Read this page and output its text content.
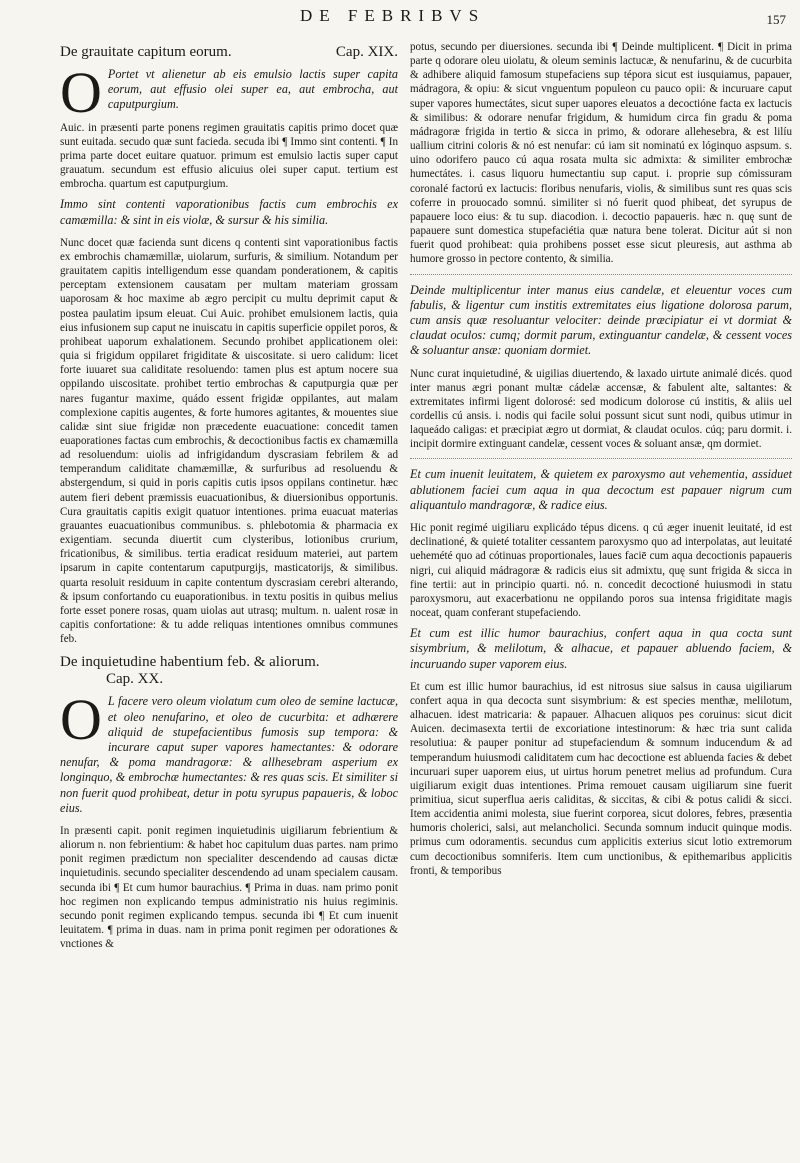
DE FEBRIBVS	157
De grauitate capitum eorum.	Cap. XIX.

O Portet vt alienetur ab eis emulsio lactis super capita eorum, aut effusio olei super ea, aut embrocha, aut caputpurgium.

Auic. in præsenti parte ponens regimen grauitatis capitis primo docet quæ sunt euitada. secudo quæ sunt facieda. secuda ibi ¶ Immo sint contenti. ¶ In prima parte docet euitare quatuor. primum est emulsio lactis super caput grauatum. secundum est effusio alicuius olei super caput. tertium est embrocha. quartum est caputpurgium.

Immo sint contenti vaporationibus factis cum embrochis ex camæmilla: & sint in eis violæ, & sursur & his similia.

Nunc docet quæ facienda sunt dicens q contenti sint vaporationibus factis ex embrochis chamæmillæ, uiolarum, surfuris, & similium. Notandum per grauitatem capitis intelligendum esse quandam ponderationem, & capitis perceptam extensionem causatam per multam materiam grossam uaporosam & hoc maxime ab ægro percipit cu multu deprimit caput & postea paulatim ipsum eleuat. Cui Auic. prohibet emulsionem lactis, quia eius infusionem sup caput ne inuiscatu in capitis superficie oppilet poros, & prohibeat uaporum exhalationem. Secundo prohibet applicationem olei: quia si frigidum oppilaret frigiditate & uiscositate. si uero calidum: licet forte iuuaret sua caliditate resoluendo: tamen plus est aptum nocere sua oppilando uiscositate. prohibet tertio embrochas & caputpurgia quæ per nares fugantur maxime, quádo essent frigidæ oppilantes, aut malam complexione capitis augentes, & forte humores agitantes, & mouentes siue calidæ sint siue frigidæ non præcedente euacuatione: concedit tamen euaporationes factas cum embrochis, & decoctionibus factis ex chamæmilla ad resoluendum: uiolis ad infrigidandum dyscrasiam febrilem & ad temperandum caliditate chamæmillæ, & surfuribus ad resoluendu & abstergendum, si quid in poris capitis cutis ipsos oppilans continetur. hæc autem fieri debent præmissis euacuationibus, & diuersionibus opportunis. Cura grauitatis capitis exigit quatuor intentiones. prima euacuat materias grauantes euacuationibus communibus. s. phlebotomia & pharmacia ex exigentiam. secunda diuertit cum clysteribus, lotionibus crurium, fricationibus, & similibus. tertia eradicat residuum materiei, aut partem ipsarum in capite contentarum caputpurgijs, masticatorijs, & similibus. quarta resoluit residuum in capite contentum dyscrasiam cerebri alterando, & ipsum confortando cu euaporationibus. in textu positis in quibus melius forte esset ponere rosas, quam uiolas aut utrasq; multum. n. ualent rosæ in capitis confortatione: & tu adde reliquas intentiones omnibus communes feb.

De inquietudine habentium feb. & aliorum.
Cap. XX.

O L facere vero oleum violatum cum oleo de semine lactucæ, et oleo nenufarino, et oleo de cucurbita: et adhærere aliquid de stupefacientibus fumosis sup tempora: & incurare caput super vapores hamectantes: & odorare nenufar, & poma mandragoræ: & allhesebram asperium ex longinquo, & embrochæ humectantes: & res quas scis. Et similiter si non fuerit quod prohibeat, detur in potu syrupus papaueris, & loboc eius.

In præsenti capit. ponit regimen inquietudinis uigiliarum febrientium & aliorum n. non febrientium: & habet hoc capitulum duas partes. nam primo ponit regimen prædictum non specialiter descendendo ad causas dictæ inquietudinis. secundo specialiter descendendo ad unam specialem causam. secunda ibi ¶ Et cum humor baurachius. ¶ Prima in duas. nam primo ponit hoc regimen non explicando tempus administratio nis huius regiminis. secundo ponit regimen explicando tempus. secunda ibi ¶ Et cum inuenit leuitatem. ¶ prima in duas. nam in prima ponit regimen per odorationes & vnctiones &

potus, secundo per diuersiones. secunda ibi ¶ Deinde multiplicent. ¶ Dicit in prima parte q odorare oleu uiolatu, & oleum seminis lactucæ, & nenufarinu, & de cucurbita & adhibere aliquid famosum stupefaciens sup tépora sicut est iusquiamus, papauer, mádragora, & opiu: & sicut vnguentum populeon cu pauco opii: & incuruare caput super vapores humectátes, sicut super uapores eleuatos a decoctióne facta ex lactucis & similibus: & odorare nenufar frigidum, & humidum circa fin gradu & poma mádragoræ frigida in tertio & sicca in primo, & odorare allehesebra, & est lilíu uallium citrini coloris & nó est nenufar: cú iam sit nominatú ex lóginquo aspsum. s. uino odorifero pauco cú aqua rosata multa sic admixta: & similiter embrochæ humectátes. i. casus liquoru humectantiu sup caput. i. proprie sup cómissuram coronalé factorú ex lactucis: floribus nenufaris, violis, & similibus sunt res quas scis coferre in prouocado somnú. similiter si nó fuerit quod phibeat, det syrupus de papauere loco eius: & tu sup. diacodion. i. decoctio papaueris. hæc n. quę sunt de papauere sunt domestica stupefaciétia quæ natura bene tolerat. Dicitur aút si non fuerit quod prohibeat: quia prohibens posset esse sicut pleuresis, aut asthma ab humore grosso in pectore contento, & similia.

Deinde multiplicentur inter manus eius candelæ, et eleuentur voces cum fabulis, & ligentur cum institis extremitates eius ligatione dolorosa parum, cum ansis quæ resoluantur velociter: deinde præcipiatur ei vt dormiat & claudat oculos: cumq; dormit parum, extinguantur candelæ, & cessent voces & soluantur ansæ: quoniam dormiet.

Nunc curat inquietudiné, & uigilias diuertendo, & laxado uirtute animalé dicés. quod inter manus ægri ponant multæ cádelæ accensæ, & fabulent alte, saltantes: & extremitates infirmi ligent dolorosé: sed modicum dolorose cú institis, & aliis uel cordellis cú ansis. i. nodis qui facile solui possunt sicut sunt nodi, quibus utimur in laqueádo caligas: et præcipiat ægro ut dormiat, & claudat oculos. cúq; paru dormit. i. incipit dormire extinguant candelæ, cessent voces & soluant ansæ, qm dormiet.

Et cum inuenit leuitatem, & quietem ex paroxysmo aut vehementia, assiduet ablutionem faciei cum aqua in qua decoctum est papauer nigrum cum aliquantulo mandragoræ, & radice eius.

Hic ponit regimé uigiliaru explicádo tépus dicens. q cú æger inuenit leuitaté, id est declinationé, & quieté totaliter cessantem paroxysmo quo ad interpolatas, aut leuitaté uehemété quo ad cótinuas proportionales, laues faciē cum aqua decoctionis papaueris nigri, cui aliquid mádragoræ & radicis eius sit admixtu, quę sunt frigida & sicca in fine tertii: aut in principio quarti. nó. n. concedit decoctioné huiusmodi in statu paroxysmoru, aut exacerbationu ne oppilando poros sua intensa frigiditate magis noceat, quam conferant stupefaciendo.

Et cum est illic humor baurachius, confert aqua in qua cocta sunt sisymbrium, & melilotum, & alhacue, et papauer abluendo faciem, & incuruando super vaporem eius.

Et cum est illic humor baurachius, id est nitrosus siue salsus in causa uigiliarum confert aqua in qua decocta sunt sisymbrium: & est species menthæ, melilotum, alhacuen. idest matricaria: & papauer. Alhacuen aliquos pes coruinus: sicut dicit Auicen. decimasexta tertii de excoriatione intestinorum: & hæc tria sunt calida resolutiua: & pauper ponitur ad stupefaciendum & somnum inducendum & ad temperandum huiusmodi caliditatem cum hac decoctione est abluenda facies & debet incuruari super uaporem eius, ut uirtus horum penetret melius ad profundum. Cura uigiliarum exigit duas intentiones. Prima remouet causam uigiliarum sine fuerit primitiua, sicut superflua aeris caliditas, & siccitas, & cibi & potus calidi & sicci. Item accidentia animi molesta, siue fuerint corporea, sicut dolores, febres, præsentia humoris cholerici, salsi, aut melancholici. Secunda somnum inducit quinque modis. primus cum odoramentis. secundus cum applicitis exterius sicut lotio extremorum cum decoctionibus somniferis. Item cum unctionibus, & epithemaribus applicitis fronti, & temporibus
